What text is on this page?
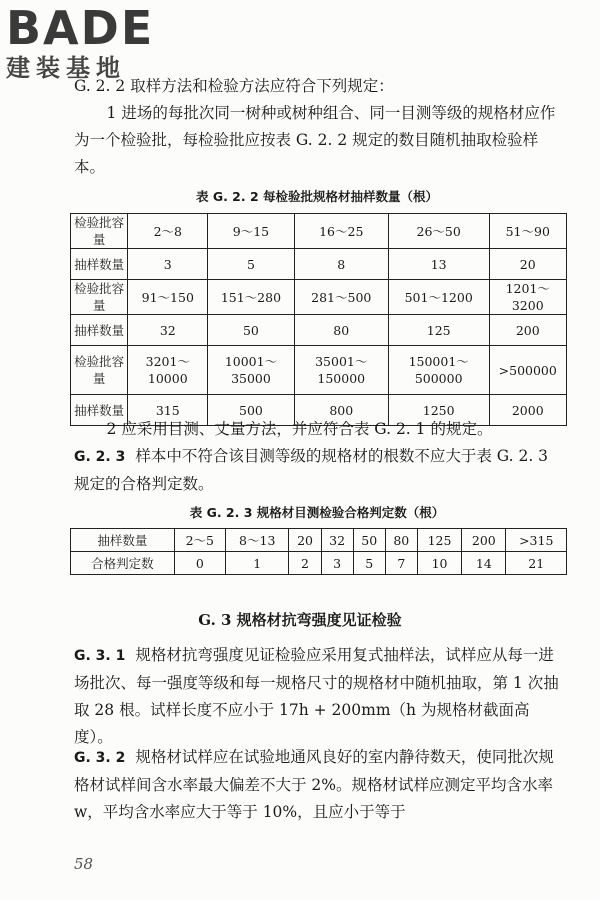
BADE
建装基地
G. 2. 2 取样方法和检验方法应符合下列规定：
1 进场的每批次同一树种或树种组合、同一目测等级的规格材应作为一个检验批，每检验批应按表 G. 2. 2 规定的数目随机抽取检验样本。
表 G. 2. 2 每检验批规格材抽样数量（根）
检验批容量	2～8	9～15	16～25	26～50	51～90
抽样数量	3	5	8	13	20
检验批容量	91～150	151～280	281～500	501～1200	1201～3200
抽样数量	32	50	80	125	200
检验批容量	3201～10000	10001～35000	35001～150000	150001～500000	>500000
抽样数量	315	500	800	1250	2000
2 应采用目测、丈量方法，并应符合表 G. 2. 1 的规定。
G. 2. 3 样本中不符合该目测等级的规格材的根数不应大于表 G. 2. 3 规定的合格判定数。
表 G. 2. 3 规格材目测检验合格判定数（根）
抽样数量	2～5	8～13	20	32	50	80	125	200	>315
合格判定数	0	1	2	3	5	7	10	14	21
G. 3 规格材抗弯强度见证检验
G. 3. 1 规格材抗弯强度见证检验应采用复式抽样法，试样应从每一进场批次、每一强度等级和每一规格尺寸的规格材中随机抽取，第 1 次抽取 28 根。试样长度不应小于 17h + 200mm（h 为规格材截面高度）。
G. 3. 2 规格材试样应在试验地通风良好的室内静待数天，使同批次规格材试样间含水率最大偏差不大于 2%。规格材试样应测定平均含水率 w，平均含水率应大于等于 10%，且应小于等于
58
